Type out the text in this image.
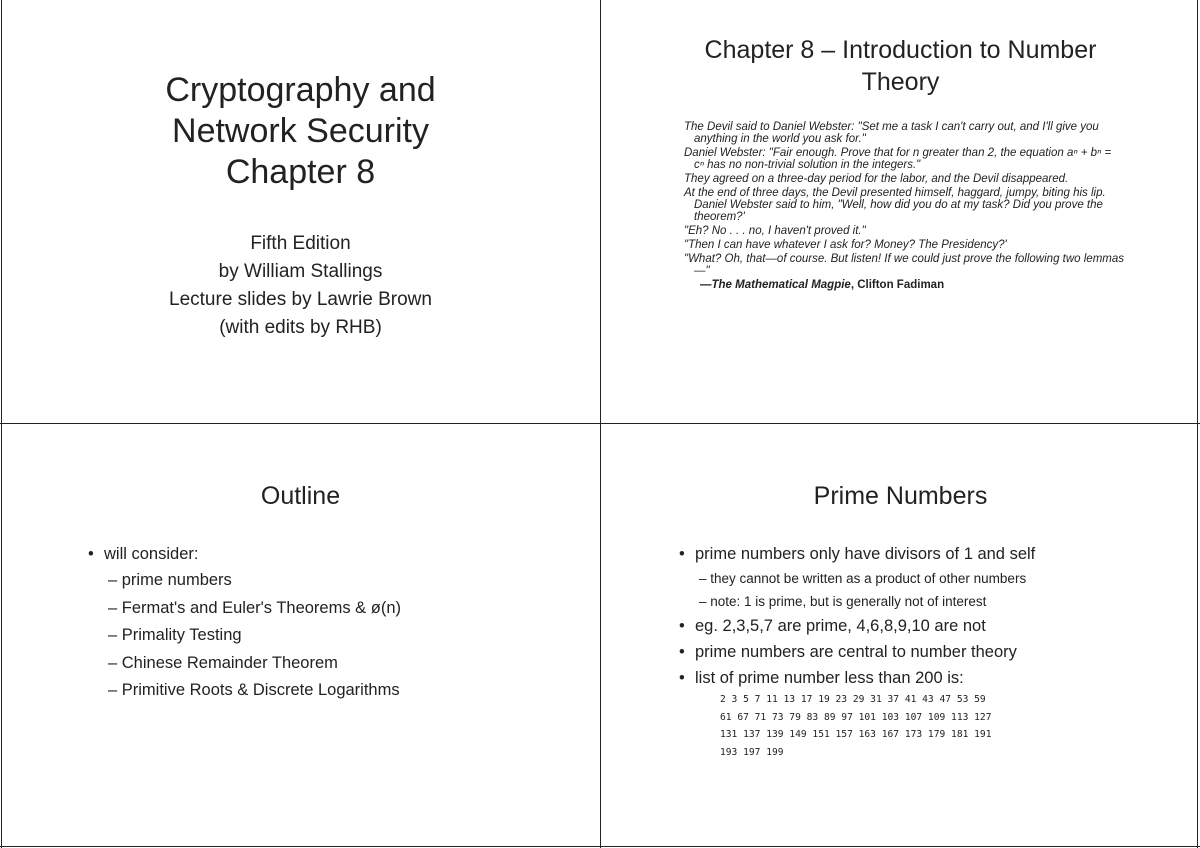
Cryptography and
Network Security
Chapter 8
Fifth Edition
by William Stallings
Lecture slides by Lawrie Brown
(with edits by RHB)
Chapter 8 – Introduction to Number
Theory
The Devil said to Daniel Webster: "Set me a task I can't carry out, and I'll give you anything in the world you ask for."
Daniel Webster: "Fair enough. Prove that for n greater than 2, the equation aⁿ + bⁿ = cⁿ has no non-trivial solution in the integers."
They agreed on a three-day period for the labor, and the Devil disappeared.
At the end of three days, the Devil presented himself, haggard, jumpy, biting his lip. Daniel Webster said to him, "Well, how did you do at my task? Did you prove the theorem?'
"Eh? No . . . no, I haven't proved it."
"Then I can have whatever I ask for? Money? The Presidency?'
"What? Oh, that—of course. But listen! If we could just prove the following two lemmas—"
—The Mathematical Magpie, Clifton Fadiman
Outline
• will consider:
– prime numbers
– Fermat's and Euler's Theorems & ø(n)
– Primality Testing
– Chinese Remainder Theorem
– Primitive Roots & Discrete Logarithms
Prime Numbers
• prime numbers only have divisors of 1 and self
– they cannot be written as a product of other numbers
– note: 1 is prime, but is generally not of interest
• eg. 2,3,5,7 are prime, 4,6,8,9,10 are not
• prime numbers are central to number theory
• list of prime number less than 200 is:
2 3 5 7 11 13 17 19 23 29 31 37 41 43 47 53 59
61 67 71 73 79 83 89 97 101 103 107 109 113 127
131 137 139 149 151 157 163 167 173 179 181 191
193 197 199
